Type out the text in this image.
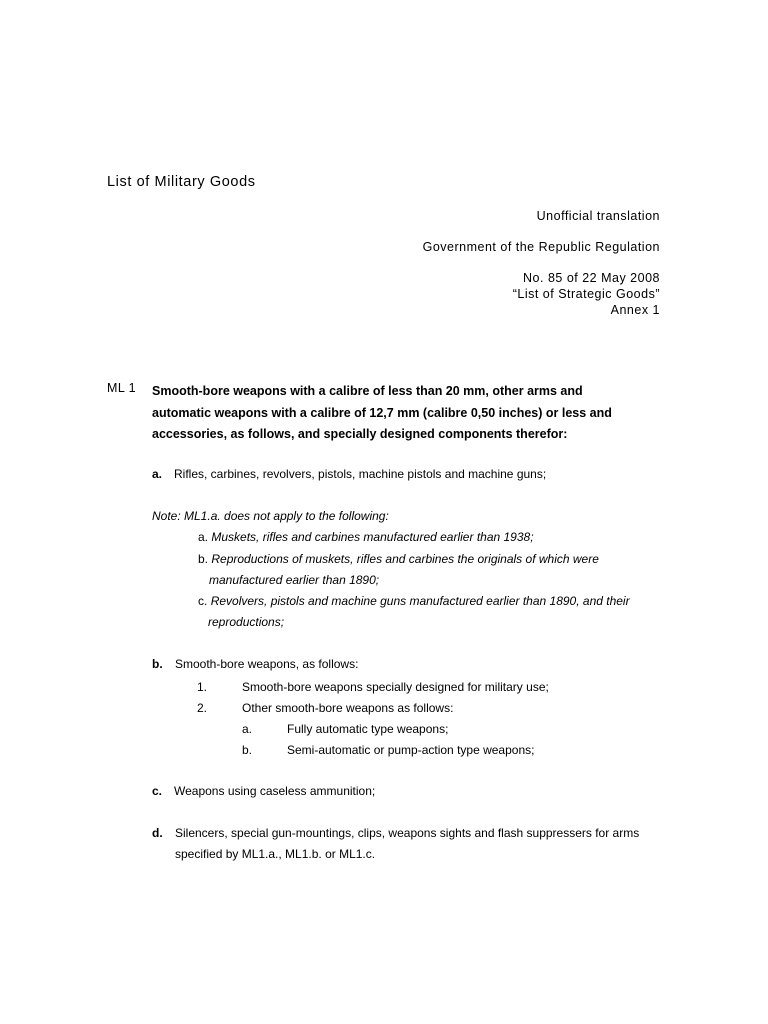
List of Military Goods
Unofficial translation
Government of the Republic Regulation
No. 85 of 22 May 2008
“List of Strategic Goods”
Annex 1
ML 1 Smooth-bore weapons with a calibre of less than 20 mm, other arms and automatic weapons with a calibre of 12,7 mm (calibre 0,50 inches) or less and accessories, as follows, and specially designed components therefor:
a. Rifles, carbines, revolvers, pistols, machine pistols and machine guns;
Note: ML1.a. does not apply to the following:
a. Muskets, rifles and carbines manufactured earlier than 1938;
b. Reproductions of muskets, rifles and carbines the originals of which were manufactured earlier than 1890;
c. Revolvers, pistols and machine guns manufactured earlier than 1890, and their reproductions;
b. Smooth-bore weapons, as follows:
1.	Smooth-bore weapons specially designed for military use;
2.	Other smooth-bore weapons as follows:
a.	Fully automatic type weapons;
b.	Semi-automatic or pump-action type weapons;
c. Weapons using caseless ammunition;
d. Silencers, special gun-mountings, clips, weapons sights and flash suppressers for arms specified by ML1.a., ML1.b. or ML1.c.
